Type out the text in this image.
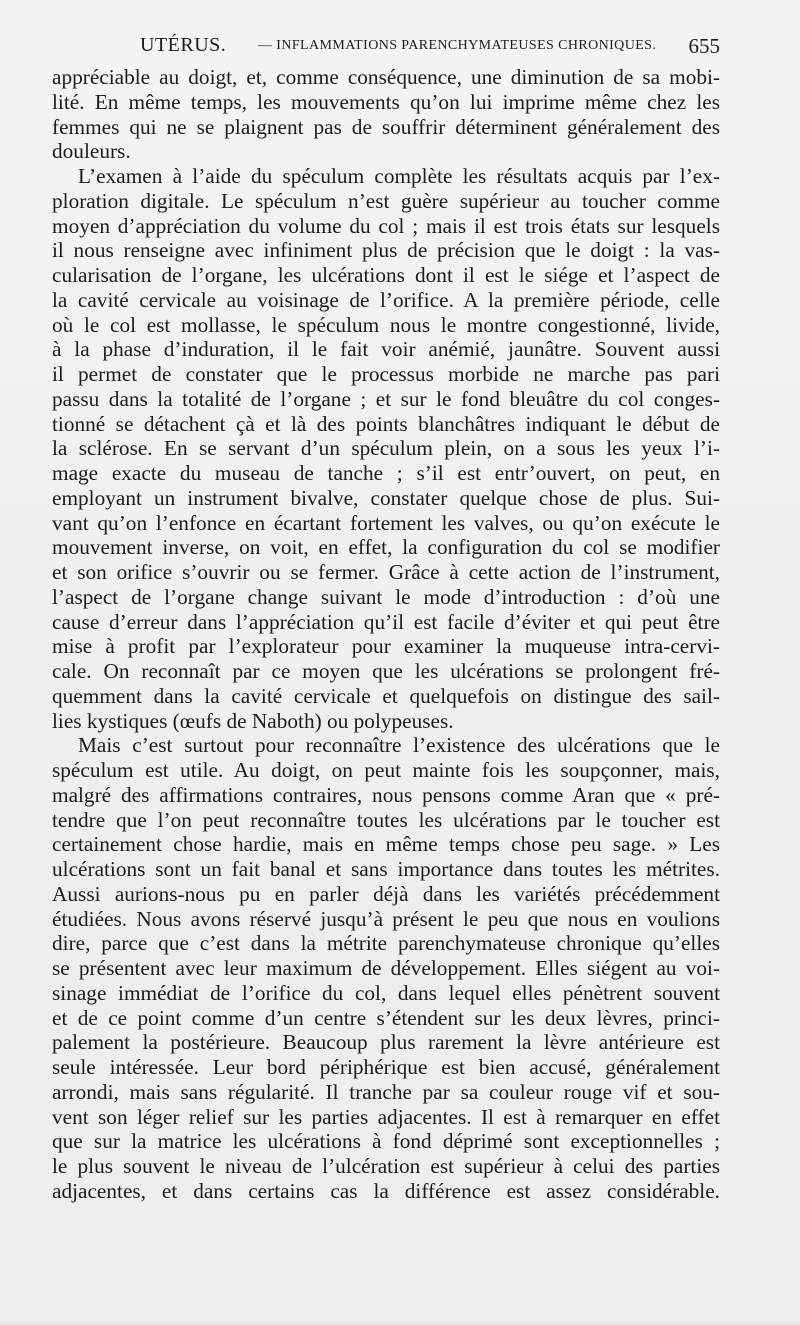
UTÉRUS. — INFLAMMATIONS PARENCHYMATEUSES CHRONIQUES. 655
appréciable au doigt, et, comme conséquence, une diminution de sa mobi-
lité. En même temps, les mouvements qu’on lui imprime même chez les
femmes qui ne se plaignent pas de souffrir déterminent généralement des
douleurs.
L’examen à l’aide du spéculum complète les résultats acquis par l’ex-
ploration digitale. Le spéculum n’est guère supérieur au toucher comme
moyen d’appréciation du volume du col ; mais il est trois états sur lesquels
il nous renseigne avec infiniment plus de précision que le doigt : la vas-
cularisation de l’organe, les ulcérations dont il est le siége et l’aspect de
la cavité cervicale au voisinage de l’orifice. A la première période, celle
où le col est mollasse, le spéculum nous le montre congestionné, livide,
à la phase d’induration, il le fait voir anémié, jaunâtre. Souvent aussi
il permet de constater que le processus morbide ne marche pas pari
passu dans la totalité de l’organe ; et sur le fond bleuâtre du col conges-
tionné se détachent çà et là des points blanchâtres indiquant le début de
la sclérose. En se servant d’un spéculum plein, on a sous les yeux l’i-
mage exacte du museau de tanche ; s’il est entr’ouvert, on peut, en
employant un instrument bivalve, constater quelque chose de plus. Sui-
vant qu’on l’enfonce en écartant fortement les valves, ou qu’on exécute le
mouvement inverse, on voit, en effet, la configuration du col se modifier
et son orifice s’ouvrir ou se fermer. Grâce à cette action de l’instrument,
l’aspect de l’organe change suivant le mode d’introduction : d’où une
cause d’erreur dans l’appréciation qu’il est facile d’éviter et qui peut être
mise à profit par l’explorateur pour examiner la muqueuse intra-cervi-
cale. On reconnaît par ce moyen que les ulcérations se prolongent fré-
quemment dans la cavité cervicale et quelquefois on distingue des sail-
lies kystiques (œufs de Naboth) ou polypeuses.
Mais c’est surtout pour reconnaître l’existence des ulcérations que le
spéculum est utile. Au doigt, on peut mainte fois les soupçonner, mais,
malgré des affirmations contraires, nous pensons comme Aran que « pré-
tendre que l’on peut reconnaître toutes les ulcérations par le toucher est
certainement chose hardie, mais en même temps chose peu sage. » Les
ulcérations sont un fait banal et sans importance dans toutes les métrites.
Aussi aurions-nous pu en parler déjà dans les variétés précédemment
étudiées. Nous avons réservé jusqu’à présent le peu que nous en voulions
dire, parce que c’est dans la métrite parenchymateuse chronique qu’elles
se présentent avec leur maximum de développement. Elles siégent au voi-
sinage immédiat de l’orifice du col, dans lequel elles pénètrent souvent
et de ce point comme d’un centre s’étendent sur les deux lèvres, princi-
palement la postérieure. Beaucoup plus rarement la lèvre antérieure est
seule intéressée. Leur bord périphérique est bien accusé, généralement
arrondi, mais sans régularité. Il tranche par sa couleur rouge vif et sou-
vent son léger relief sur les parties adjacentes. Il est à remarquer en effet
que sur la matrice les ulcérations à fond déprimé sont exceptionnelles ;
le plus souvent le niveau de l’ulcération est supérieur à celui des parties
adjacentes, et dans certains cas la différence est assez considérable.
